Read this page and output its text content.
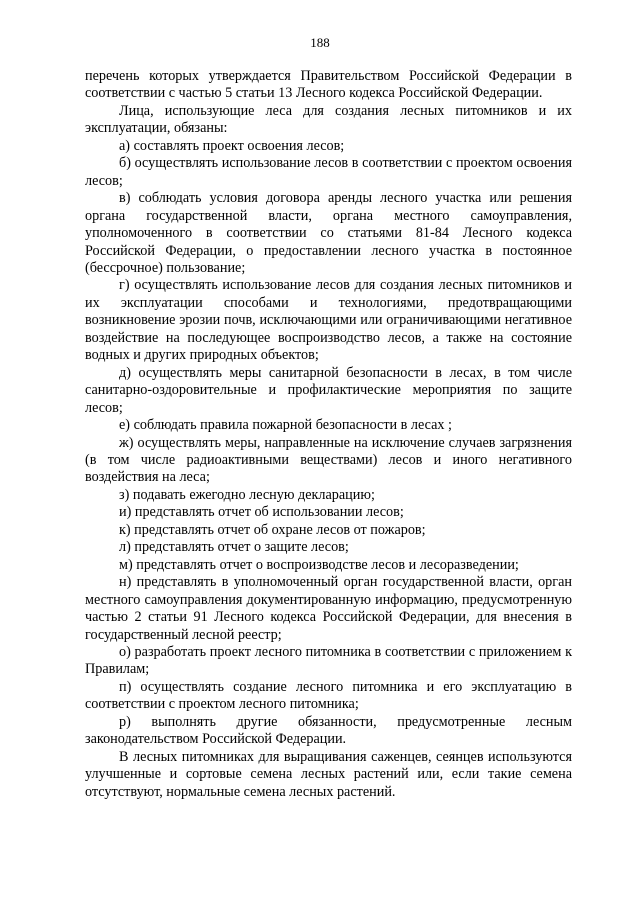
188

перечень которых утверждается Правительством Российской Федерации в соответствии с частью 5 статьи 13 Лесного кодекса Российской Федерации.

Лица, использующие леса для создания лесных питомников и их эксплуатации, обязаны:

а) составлять проект освоения лесов;

б) осуществлять использование лесов в соответствии с проектом освоения лесов;

в) соблюдать условия договора аренды лесного участка или решения органа государственной власти, органа местного самоуправления, уполномоченного в соответствии со статьями 81-84 Лесного кодекса Российской Федерации, о предоставлении лесного участка в постоянное (бессрочное) пользование;

г) осуществлять использование лесов для создания лесных питомников и их эксплуатации способами и технологиями, предотвращающими возникновение эрозии почв, исключающими или ограничивающими негативное воздействие на последующее воспроизводство лесов, а также на состояние водных и других природных объектов;

д) осуществлять меры санитарной безопасности в лесах, в том числе санитарно-оздоровительные и профилактические мероприятия по защите лесов;

е) соблюдать правила пожарной безопасности в лесах ;

ж) осуществлять меры, направленные на исключение случаев загрязнения (в том числе радиоактивными веществами) лесов и иного негативного воздействия на леса;

з) подавать ежегодно лесную декларацию;

и) представлять отчет об использовании лесов;

к) представлять отчет об охране лесов от пожаров;

л) представлять отчет о защите лесов;

м) представлять отчет о воспроизводстве лесов и лесоразведении;

н) представлять в уполномоченный орган государственной власти, орган местного самоуправления документированную информацию, предусмотренную частью 2 статьи 91 Лесного кодекса Российской Федерации, для внесения в государственный лесной реестр;

о) разработать проект лесного питомника в соответствии с приложением к Правилам;

п) осуществлять создание лесного питомника и его эксплуатацию в соответствии с проектом лесного питомника;

р) выполнять другие обязанности, предусмотренные лесным законодательством Российской Федерации.

В лесных питомниках для выращивания саженцев, сеянцев используются улучшенные и сортовые семена лесных растений или, если такие семена отсутствуют, нормальные семена лесных растений.
